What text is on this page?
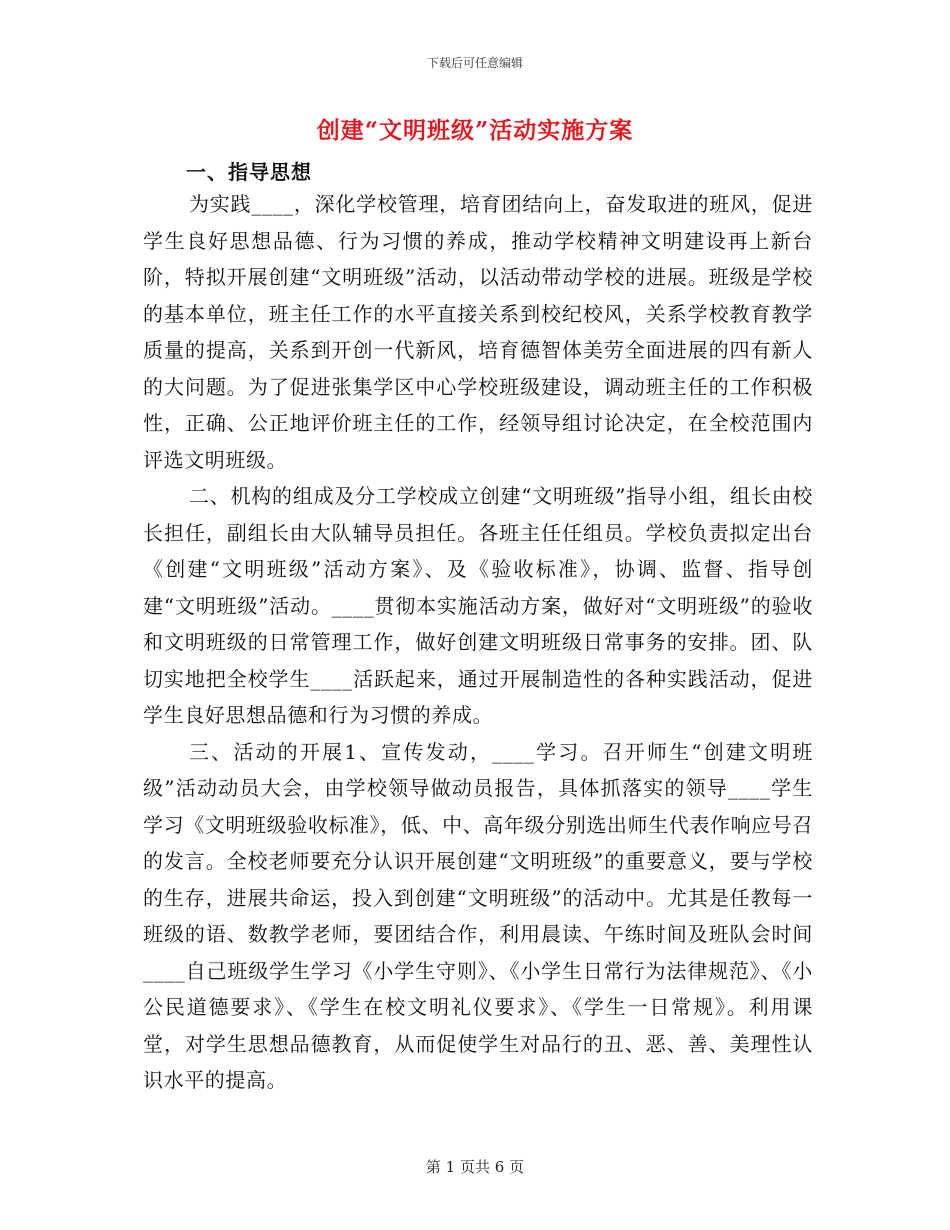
下载后可任意编辑
创建“文明班级”活动实施方案
一、指导思想

为实践____，深化学校管理，培育团结向上，奋发取进的班风，促进学生良好思想品德、行为习惯的养成，推动学校精神文明建设再上新台阶，特拟开展创建“文明班级”活动，以活动带动学校的进展。班级是学校的基本单位，班主任工作的水平直接关系到校纪校风，关系学校教育教学质量的提高，关系到开创一代新风，培育德智体美劳全面进展的四有新人的大问题。为了促进张集学区中心学校班级建设，调动班主任的工作积极性，正确、公正地评价班主任的工作，经领导组讨论决定，在全校范围内评选文明班级。

二、机构的组成及分工学校成立创建“文明班级”指导小组，组长由校长担任，副组长由大队辅导员担任。各班主任任组员。学校负责拟定出台《创建“文明班级”活动方案》、及《验收标准》，协调、监督、指导创建“文明班级”活动。____贯彻本实施活动方案，做好对“文明班级”的验收和文明班级的日常管理工作，做好创建文明班级日常事务的安排。团、队切实地把全校学生____活跃起来，通过开展制造性的各种实践活动，促进学生良好思想品德和行为习惯的养成。

三、活动的开展1、宣传发动，____学习。召开师生“创建文明班级”活动动员大会，由学校领导做动员报告，具体抓落实的领导____学生学习《文明班级验收标准》，低、中、高年级分别选出师生代表作响应号召的发言。全校老师要充分认识开展创建“文明班级”的重要意义，要与学校的生存，进展共命运，投入到创建“文明班级”的活动中。尤其是任教每一班级的语、数教学老师，要团结合作，利用晨读、午练时间及班队会时间____自己班级学生学习《小学生守则》、《小学生日常行为法律规范》、《小公民道德要求》、《学生在校文明礼仪要求》、《学生一日常规》。利用课堂，对学生思想品德教育，从而促使学生对品行的丑、恶、善、美理性认识水平的提高。

第 1 页共 6 页
